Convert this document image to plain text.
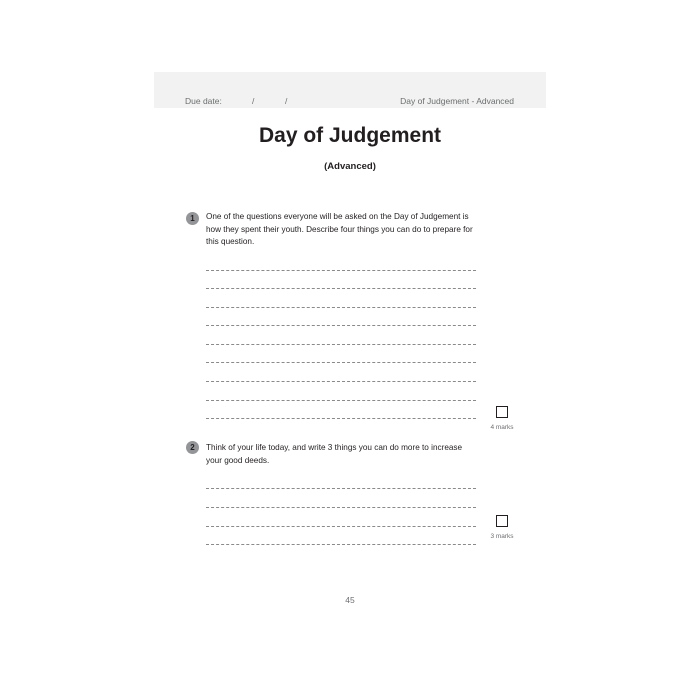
Due date:	/	/	Day of Judgement - Advanced
Day of Judgement
(Advanced)
1	One of the questions everyone will be asked on the Day of Judgement is how they spent their youth. Describe four things you can do to prepare for this question.
4 marks
2	Think of your life today, and write 3 things you can do more to increase your good deeds.
3 marks
45
